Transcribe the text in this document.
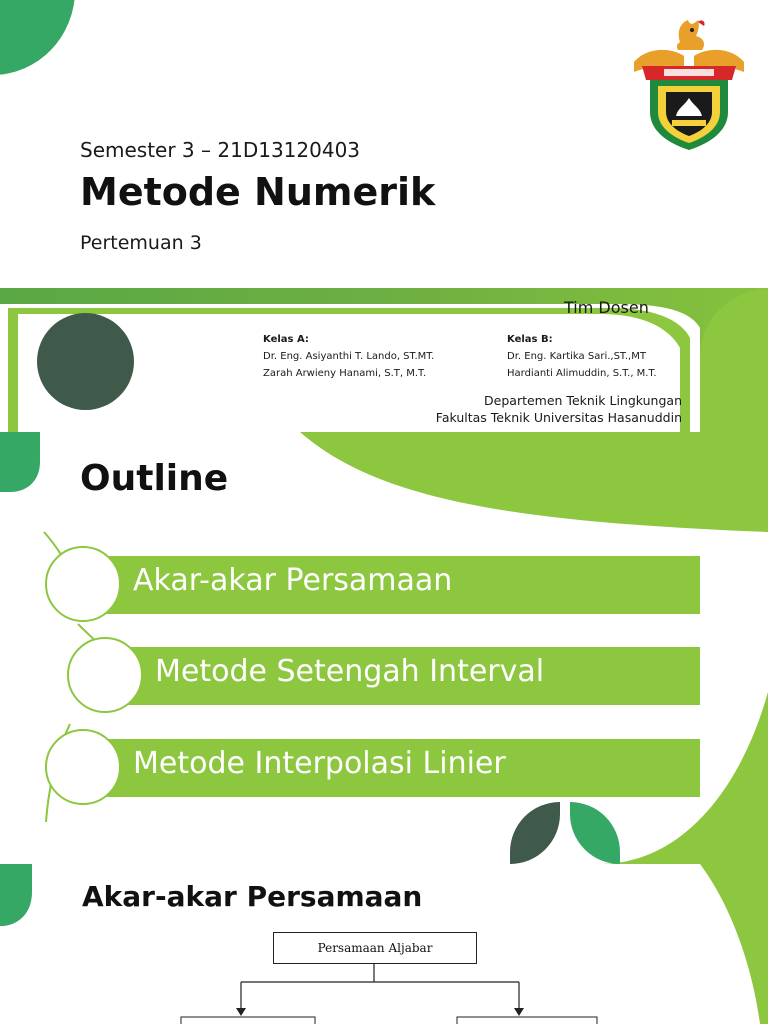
Semester 3 – 21D13120403
Metode Numerik
Pertemuan 3
Tim Dosen
Kelas A:
Dr. Eng. Asiyanthi T. Lando, ST.MT.
Zarah Arwieny Hanami, S.T, M.T.
Kelas B:
Dr. Eng. Kartika Sari.,ST.,MT
Hardianti Alimuddin, S.T., M.T.
Departemen Teknik Lingkungan
Fakultas Teknik Universitas Hasanuddin
Outline
Akar-akar Persamaan
Metode Setengah Interval
Metode Interpolasi Linier
Akar-akar Persamaan
Persamaan Aljabar
